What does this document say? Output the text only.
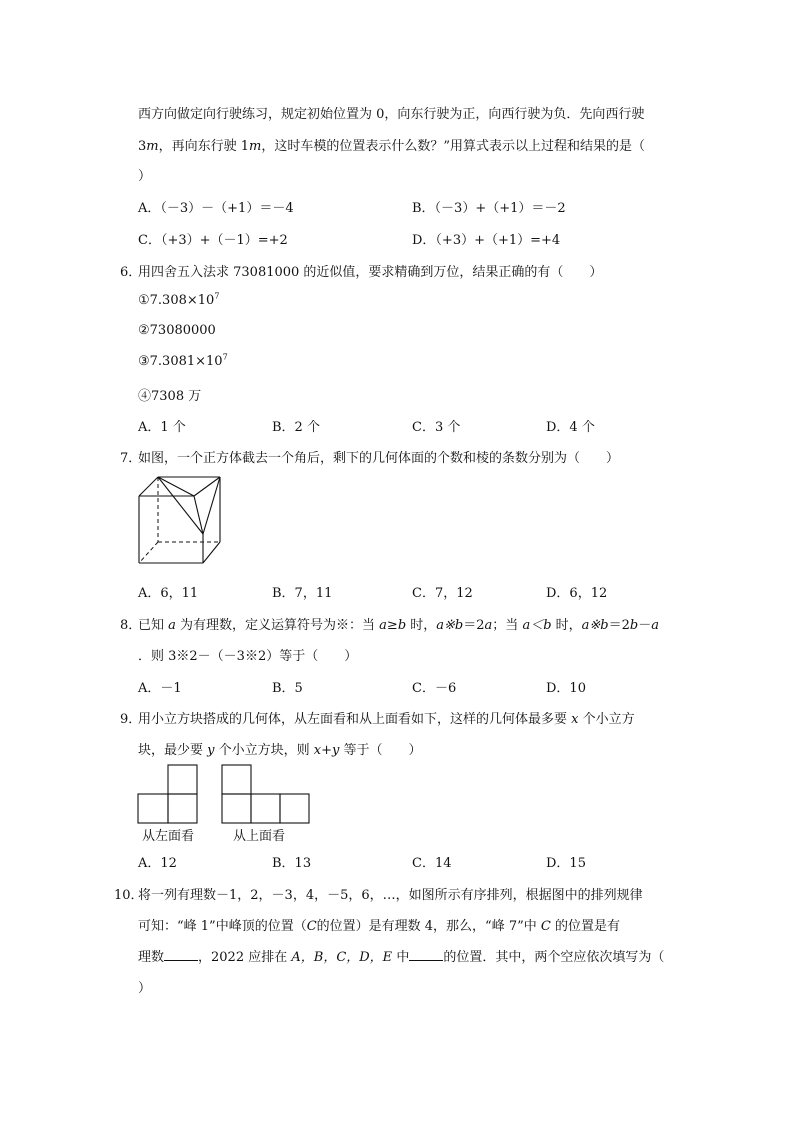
西方向做定向行驶练习，规定初始位置为 0，向东行驶为正，向西行驶为负．先向西行驶
3m，再向东行驶 1m，这时车模的位置表示什么数？”用算式表示以上过程和结果的是（
）
A．（－3）－（+1）＝－4	B．（－3）+（+1）＝－2
C．（+3）+（－1）=+2	D．（+3）+（+1）=+4
6．
用四舍五入法求 73081000 的近似值，要求精确到万位，结果正确的有（　　）
$①7.308\times 10^7$
②73080000
$③7.3081\times 10^7$
④7308 万
A．1 个	B．2 个	C．3 个	D．4 个
7．
如图，一个正方体截去一个角后，剩下的几何体面的个数和棱的条数分别为（　　）
A．6，11	B．7，11	C．7，12	D．6，12
8．
已知 a 为有理数，定义运算符号为※：当 a≥b 时，a※b＝2a；当 a＜b 时，a※b＝2b－a
．则 3※2－（－3※2）等于（　　）
A．－1	B．5	C．－6	D．10
9．
用小立方块搭成的几何体，从左面看和从上面看如下，这样的几何体最多要 x 个小立方
块，最少要 y 个小立方块，则 x+y 等于（　　）
从左面看	从上面看
A．12	B．13	C．14	D．15
10．
将一列有理数－1，2，－3，4，－5，6，…，如图所示有序排列，根据图中的排列规律
可知：“峰 1”中峰顶的位置（C的位置）是有理数 4，那么，“峰 7”中 C 的位置是有
理数	，2022 应排在 A，B，C，D，E 中	的位置．其中，两个空应依次填写为（
）
